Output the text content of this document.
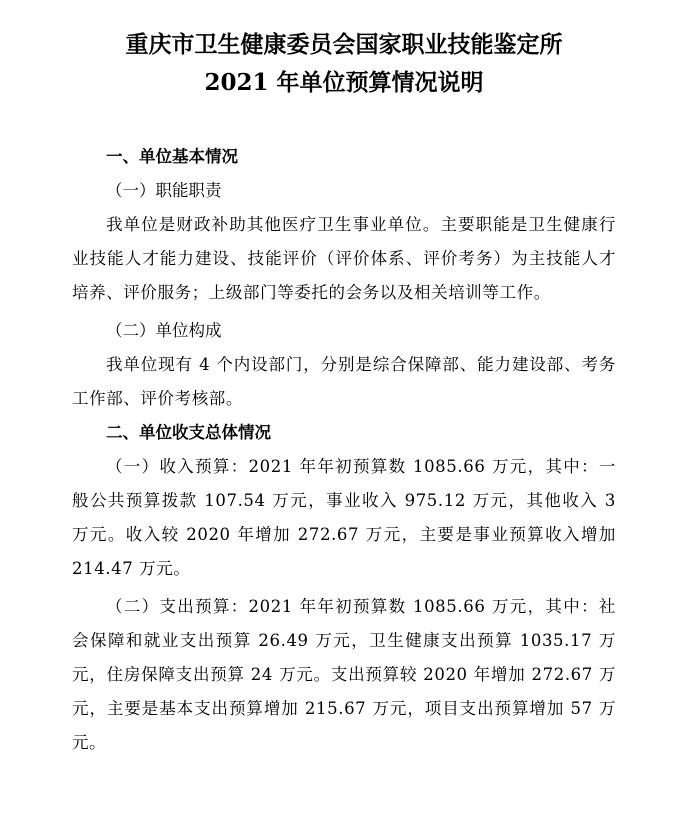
重庆市卫生健康委员会国家职业技能鉴定所
2021 年单位预算情况说明

一、单位基本情况

（一）职能职责

我单位是财政补助其他医疗卫生事业单位。主要职能是卫生健康行业技能人才能力建设、技能评价（评价体系、评价考务）为主技能人才培养、评价服务；上级部门等委托的会务以及相关培训等工作。

（二）单位构成

我单位现有 4 个内设部门，分别是综合保障部、能力建设部、考务工作部、评价考核部。

二、单位收支总体情况

（一）收入预算：2021 年年初预算数 1085.66 万元，其中：一般公共预算拨款 107.54 万元，事业收入 975.12 万元，其他收入 3 万元。收入较 2020 年增加 272.67 万元，主要是事业预算收入增加 214.47 万元。

（二）支出预算：2021 年年初预算数 1085.66 万元，其中：社会保障和就业支出预算 26.49 万元，卫生健康支出预算 1035.17 万元，住房保障支出预算 24 万元。支出预算较 2020 年增加 272.67 万元，主要是基本支出预算增加 215.67 万元，项目支出预算增加 57 万元。
